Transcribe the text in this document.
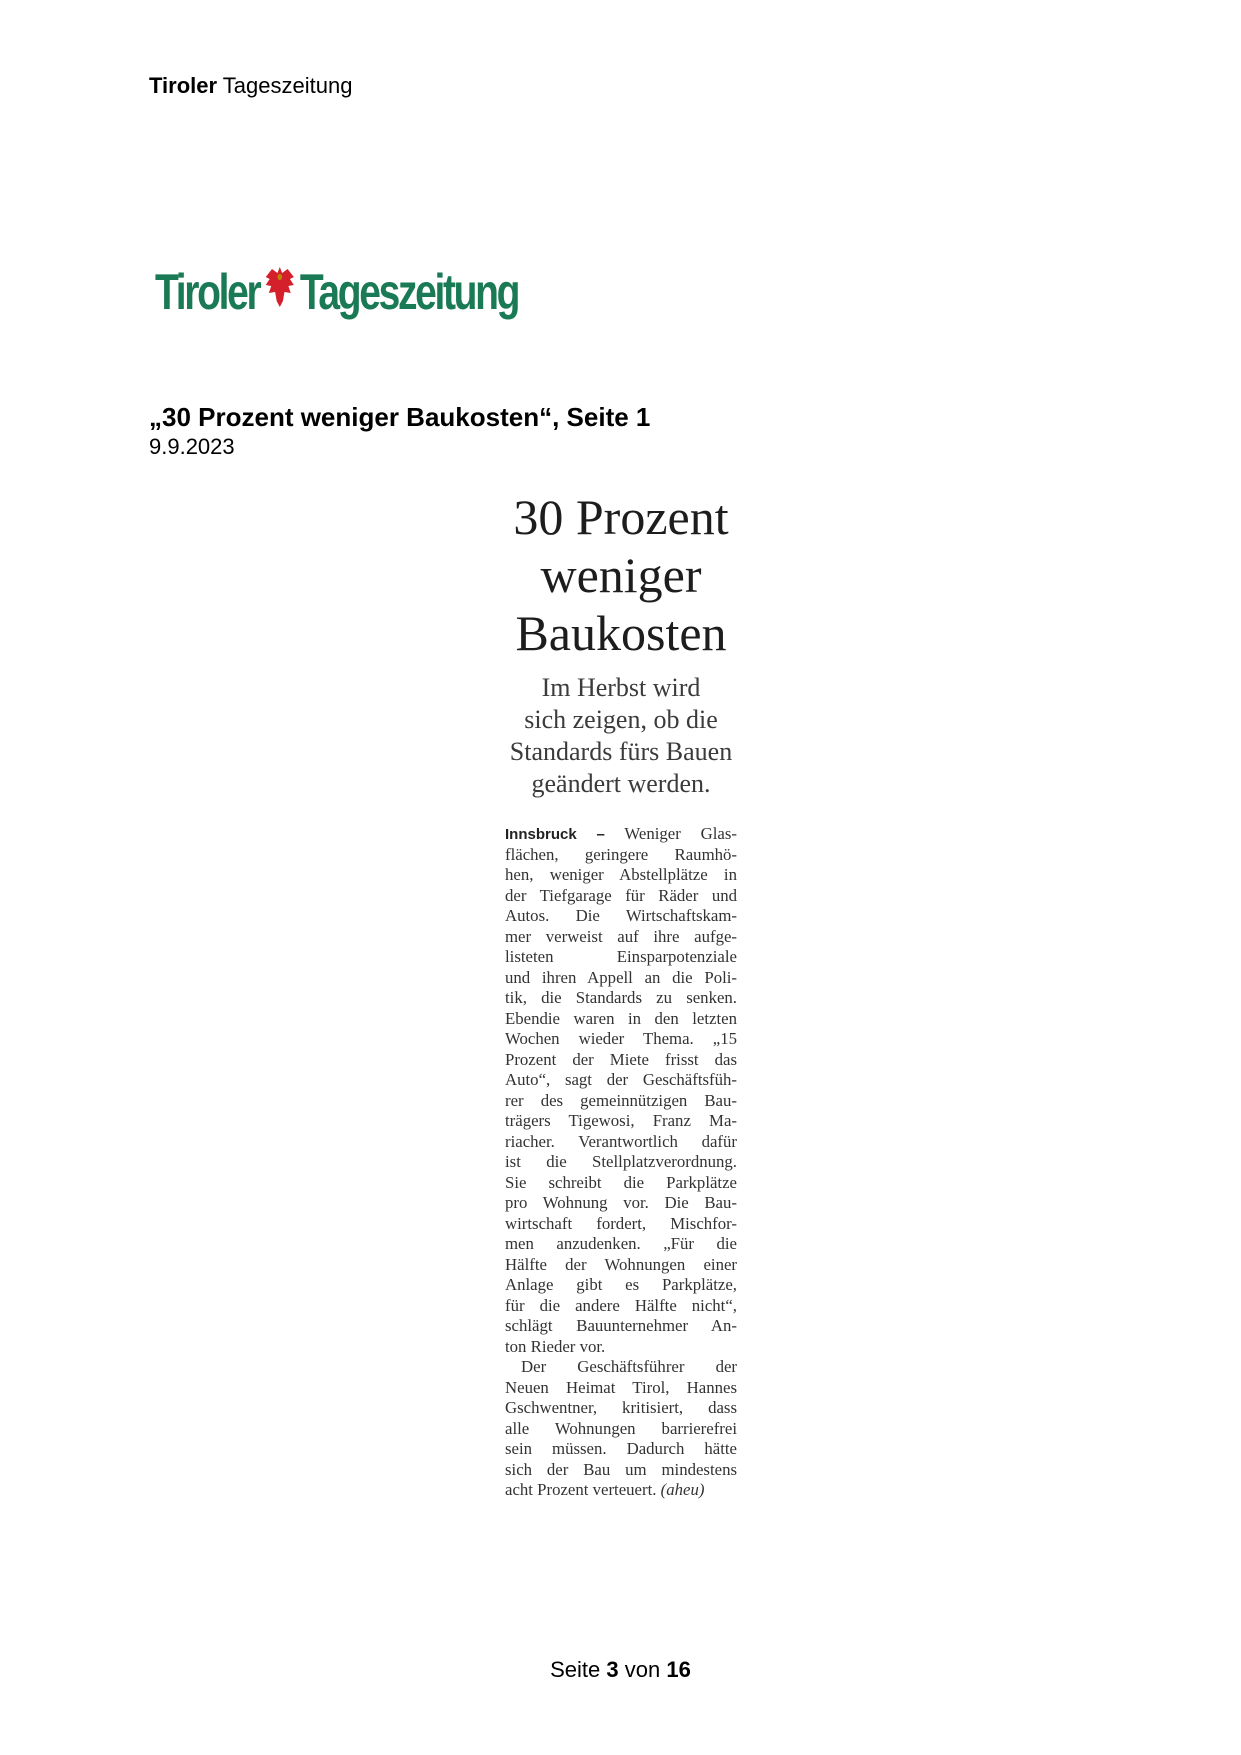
Tiroler Tageszeitung
Tiroler Tageszeitung
„30 Prozent weniger Baukosten“, Seite 1
9.9.2023
30 Prozent
weniger
Baukosten
Im Herbst wird
sich zeigen, ob die
Standards fürs Bauen
geändert werden.
Innsbruck – Weniger Glas-
flächen, geringere Raumhö-
hen, weniger Abstellplätze in
der Tiefgarage für Räder und
Autos. Die Wirtschaftskam-
mer verweist auf ihre aufge-
listeten Einsparpotenziale
und ihren Appell an die Poli-
tik, die Standards zu senken.
Ebendie waren in den letzten
Wochen wieder Thema. „15
Prozent der Miete frisst das
Auto“, sagt der Geschäftsfüh-
rer des gemeinnützigen Bau-
trägers Tigewosi, Franz Ma-
riacher. Verantwortlich dafür
ist die Stellplatzverordnung.
Sie schreibt die Parkplätze
pro Wohnung vor. Die Bau-
wirtschaft fordert, Mischfor-
men anzudenken. „Für die
Hälfte der Wohnungen einer
Anlage gibt es Parkplätze,
für die andere Hälfte nicht“,
schlägt Bauunternehmer An-
ton Rieder vor.
Der Geschäftsführer der
Neuen Heimat Tirol, Hannes
Gschwentner, kritisiert, dass
alle Wohnungen barrierefrei
sein müssen. Dadurch hätte
sich der Bau um mindestens
acht Prozent verteuert. (aheu)
Seite 3 von 16
